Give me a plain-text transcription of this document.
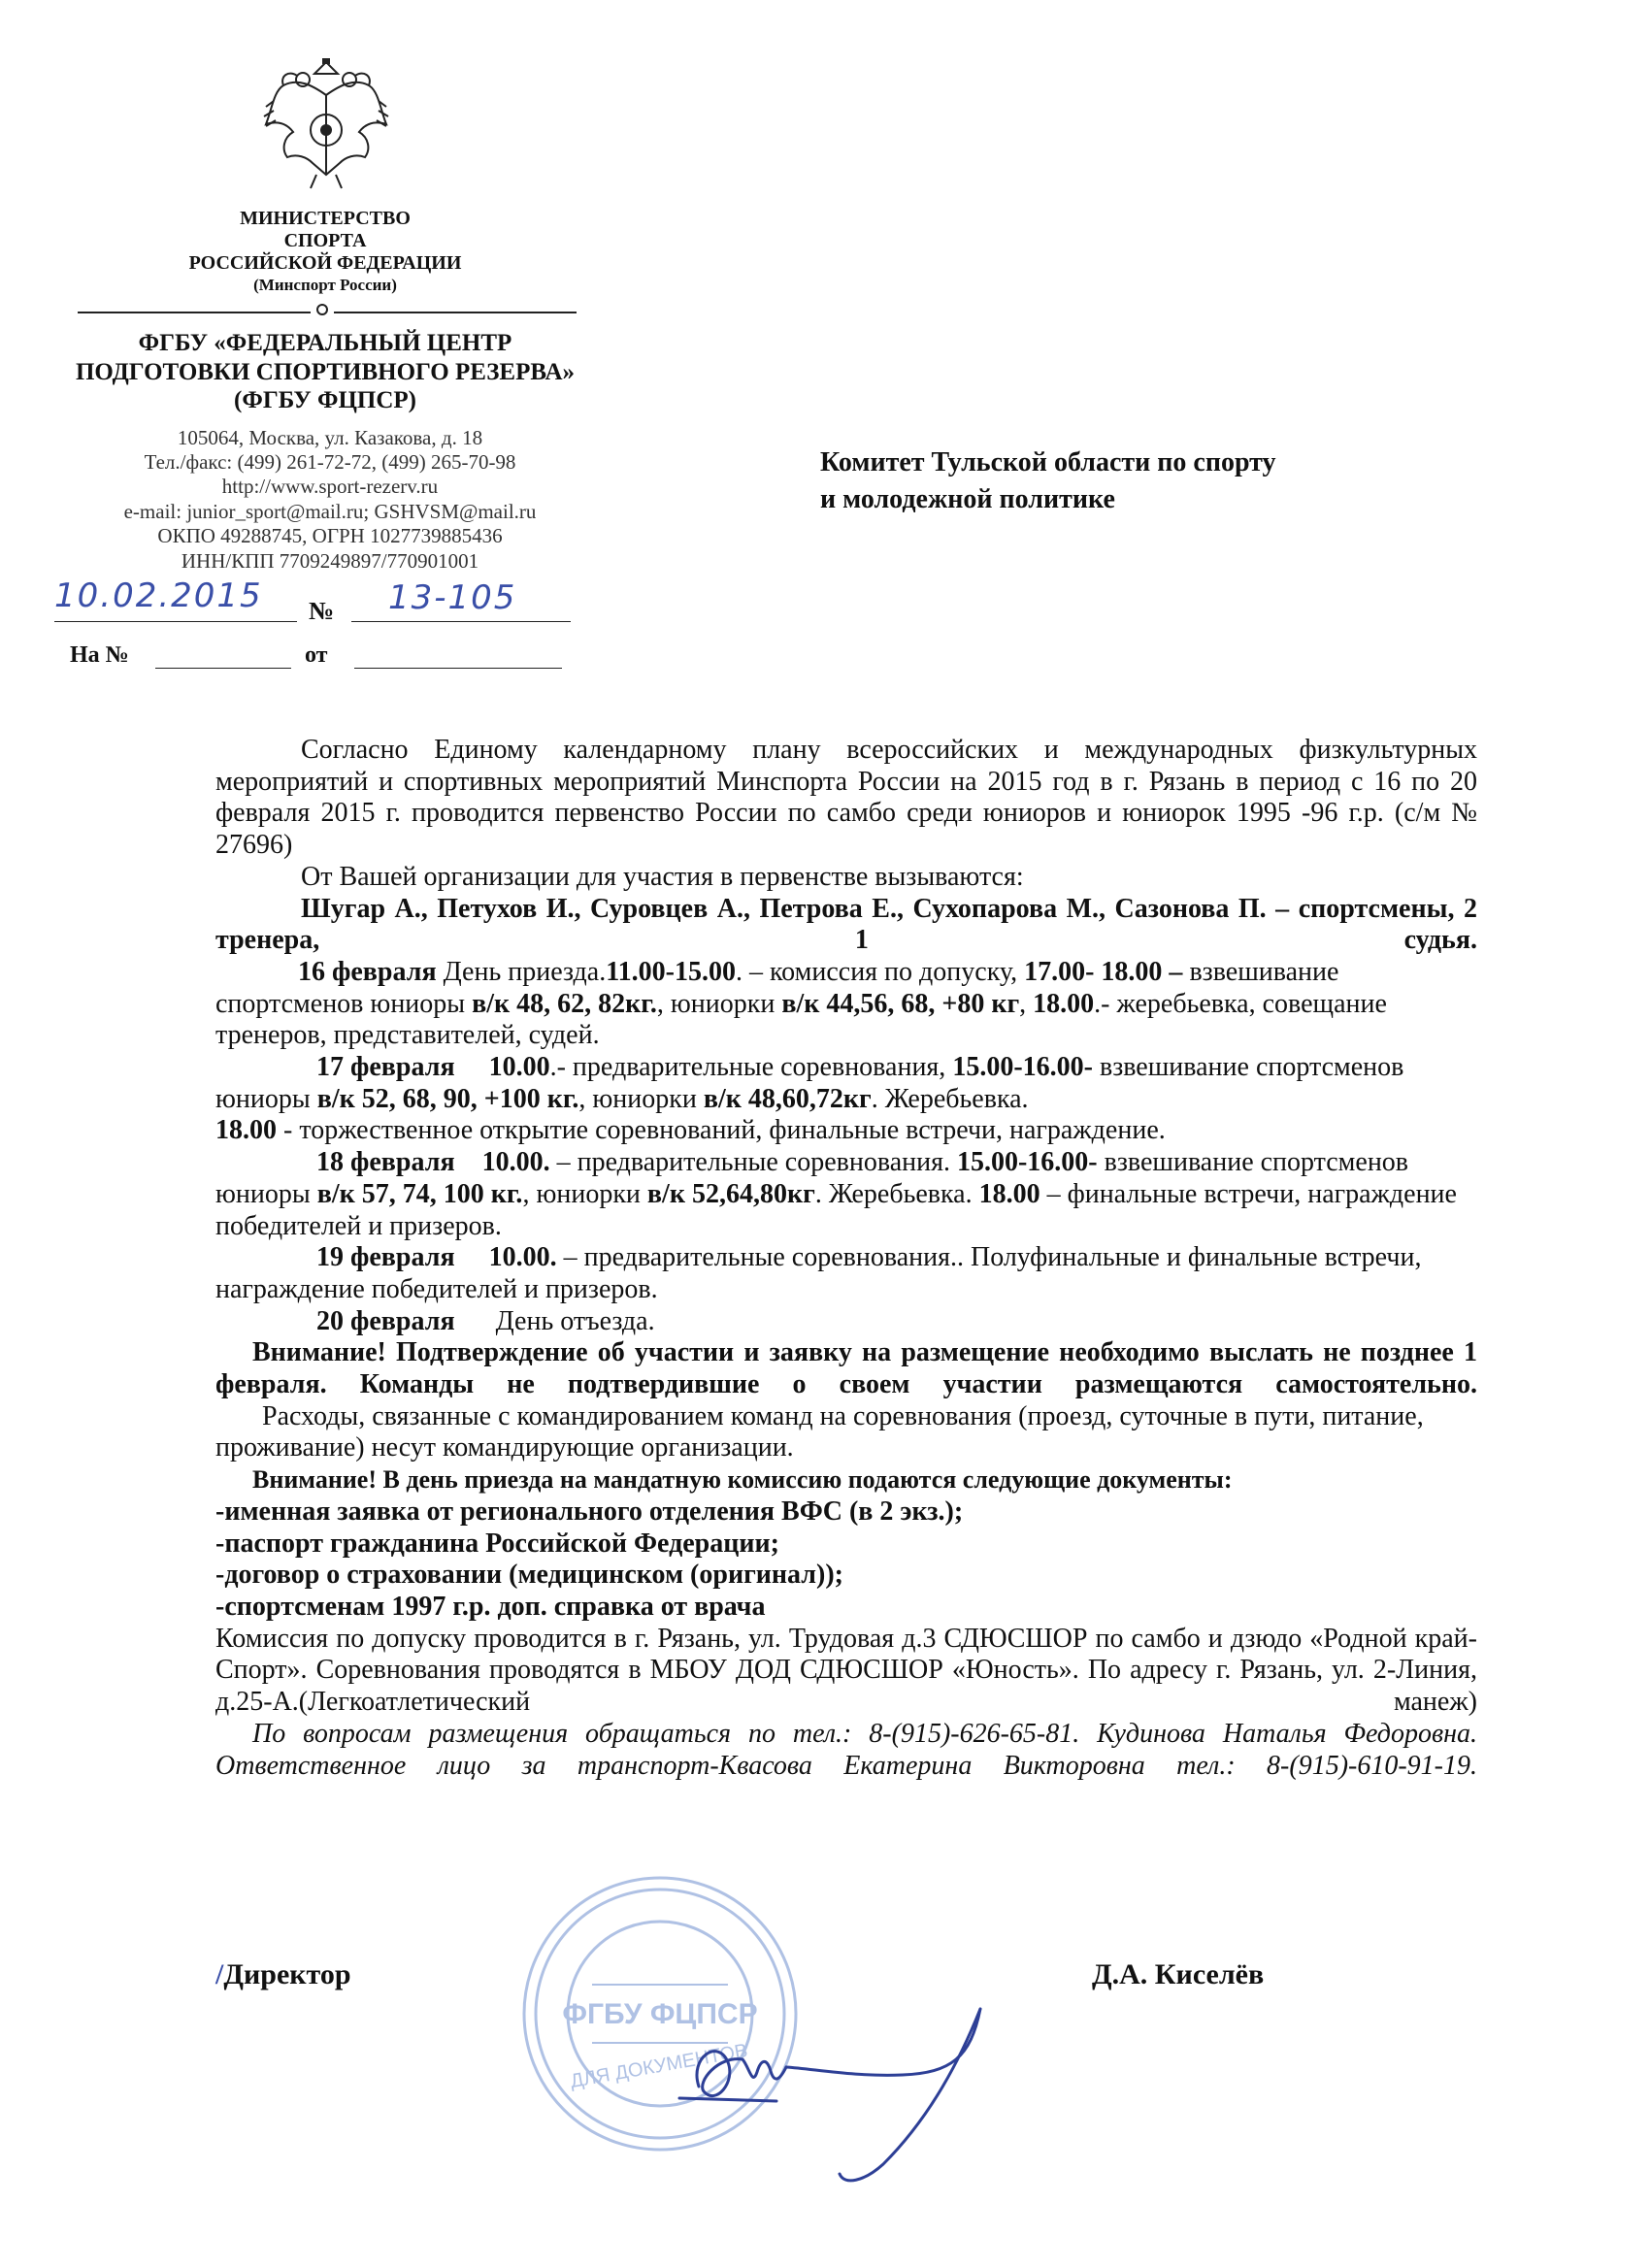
МИНИСТЕРСТВО
СПОРТА
РОССИЙСКОЙ ФЕДЕРАЦИИ
(Минспорт России)
ФГБУ «ФЕДЕРАЛЬНЫЙ ЦЕНТР
ПОДГОТОВКИ СПОРТИВНОГО РЕЗЕРВА»
(ФГБУ ФЦПСР)
105064, Москва, ул. Казакова, д. 18
Тел./факс: (499) 261-72-72, (499) 265-70-98
http://www.sport-rezerv.ru
e-mail: junior_sport@mail.ru; GSHVSM@mail.ru
ОКПО 49288745, ОГРН 1027739885436
ИНН/КПП 7709249897/770901001
10.02.2015 № 13-105
На №	от
Комитет Тульской области по спорту
и молодежной политике

Согласно Единому календарному плану всероссийских и международных физкультурных мероприятий и спортивных мероприятий Минспорта России на 2015 год в г. Рязань в период с 16 по 20 февраля 2015 г. проводится первенство России по самбо среди юниоров и юниорок 1995 -96 г.р. (с/м № 27696)

От Вашей организации для участия в первенстве вызываются:

Шугар А., Петухов И., Суровцев А., Петрова Е., Сухопарова М., Сазонова П. – спортсмены, 2 тренера, 1 судья.

16 февраля День приезда.11.00-15.00. – комиссия по допуску, 17.00- 18.00 – взвешивание спортсменов юниоры в/к 48, 62, 82кг., юниорки в/к 44,56, 68, +80 кг, 18.00.- жеребьевка, совещание тренеров, представителей, судей.

17 февраля 10.00.- предварительные соревнования, 15.00-16.00- взвешивание спортсменов юниоры в/к 52, 68, 90, +100 кг., юниорки в/к 48,60,72кг. Жеребьевка.
18.00 - торжественное открытие соревнований, финальные встречи, награждение.

18 февраля 10.00. – предварительные соревнования. 15.00-16.00- взвешивание спортсменов юниоры в/к 57, 74, 100 кг., юниорки в/к 52,64,80кг. Жеребьевка. 18.00 – финальные встречи, награждение победителей и призеров.

19 февраля 10.00. – предварительные соревнования.. Полуфинальные и финальные встречи, награждение победителей и призеров.

20 февраля День отъезда.

Внимание! Подтверждение об участии и заявку на размещение необходимо выслать не позднее 1 февраля. Команды не подтвердившие о своем участии размещаются самостоятельно.

Расходы, связанные с командированием команд на соревнования (проезд, суточные в пути, питание, проживание) несут командирующие организации.

Внимание! В день приезда на мандатную комиссию подаются следующие документы:

-именная заявка от регионального отделения ВФС (в 2 экз.);

-паспорт гражданина Российской Федерации;

-договор о страховании (медицинском (оригинал));

-спортсменам 1997 г.р. доп. справка от врача

Комиссия по допуску проводится в г. Рязань, ул. Трудовая д.3 СДЮСШОР по самбо и дзюдо «Родной край-Спорт». Соревнования проводятся в МБОУ ДОД СДЮСШОР «Юность». По адресу г. Рязань, ул. 2-Линия, д.25-А.(Легкоатлетический манеж)

По вопросам размещения обращаться по тел.: 8-(915)-626-65-81. Кудинова Наталья Федоровна. Ответственное лицо за транспорт-Квасова Екатерина Викторовна тел.: 8-(915)-610-91-19.

ФГБУ ФЦПСР
ДЛЯ ДОКУМЕНТОВ
/Директор	Д.А. Киселёв
